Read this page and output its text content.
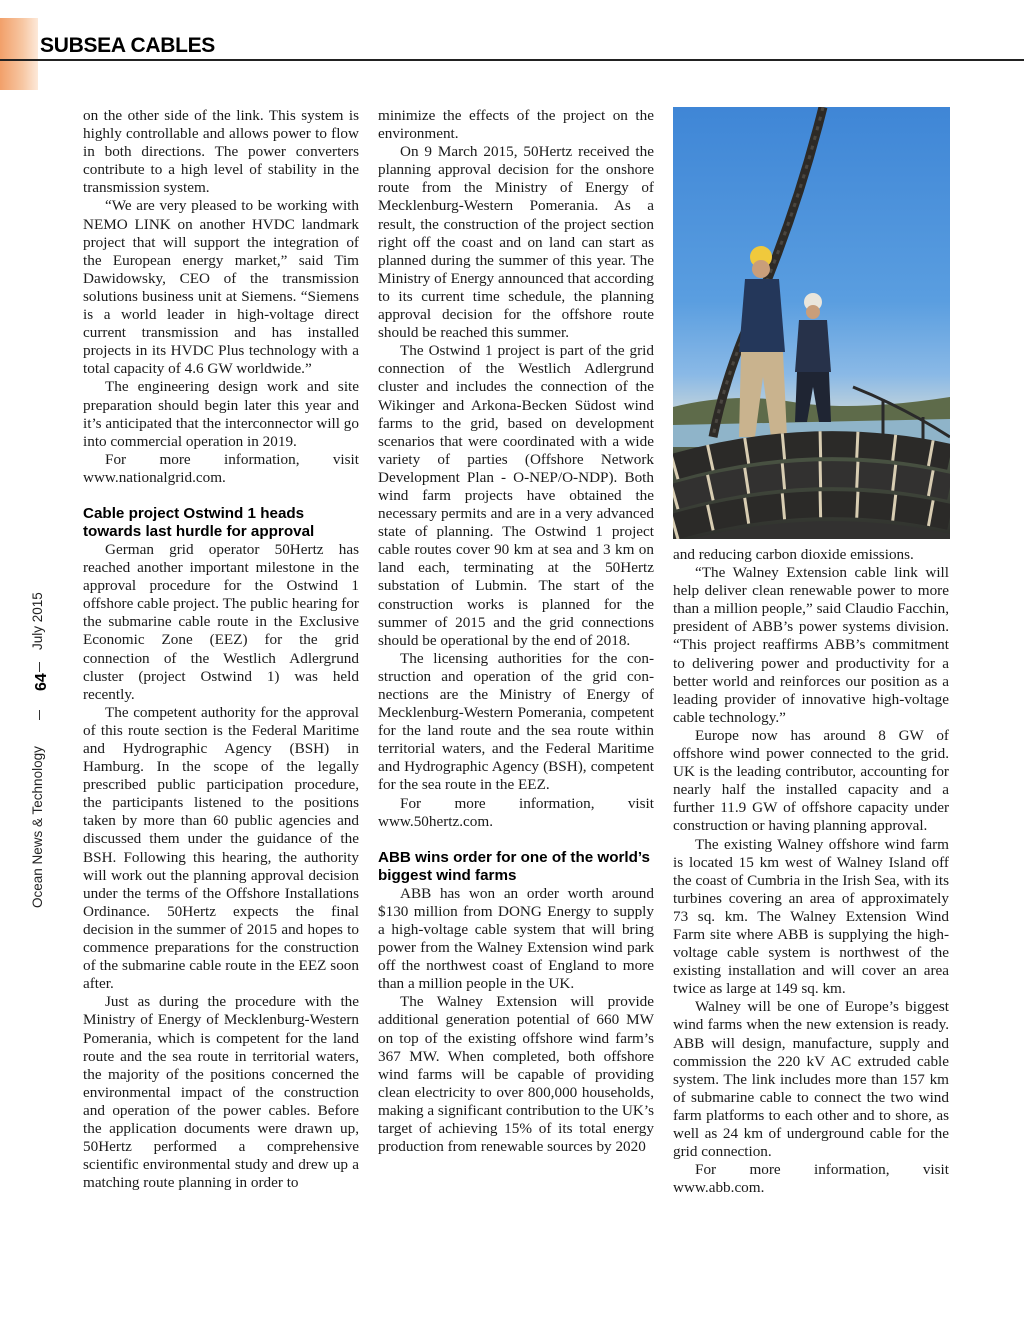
SUBSEA CABLES
Ocean News & Technology
July 2015
64

on the other side of the link. This system is highly controllable and allows power to flow in both directions. The power converters contribute to a high level of stability in the transmission system.

“We are very pleased to be working with NEMO LINK on another HVDC landmark project that will support the integration of the European energy market,” said Tim Dawidowsky, CEO of the transmission solutions business unit at Siemens. “Siemens is a world leader in high-voltage direct current transmission and has installed projects in its HVDC Plus technology with a total capacity of 4.6 GW worldwide.”

The engineering design work and site preparation should begin later this year and it’s anticipated that the interconnector will go into commercial operation in 2019.

For more information, visit

www.nationalgrid.com.

Cable project Ostwind 1 heads towards last hurdle for approval

German grid operator 50Hertz has reached another important milestone in the approval procedure for the Ostwind 1 offshore cable project. The public hearing for the submarine cable route in the Exclusive Economic Zone (EEZ) for the grid connection of the Westlich Adlergrund cluster (project Ostwind 1) was held recently.

The competent authority for the approval of this route section is the Federal Maritime and Hydrographic Agency (BSH) in Hamburg. In the scope of the legally prescribed public participation procedure, the participants listened to the positions taken by more than 60 public agencies and discussed them under the guidance of the BSH. Following this hearing, the authority will work out the planning approval decision under the terms of the Offshore Installations Ordinance. 50Hertz expects the final decision in the summer of 2015 and hopes to commence preparations for the construction of the submarine cable route in the EEZ soon after.

Just as during the procedure with the Ministry of Energy of Mecklenburg-Western Pomerania, which is competent for the land route and the sea route in territorial waters, the majority of the positions concerned the environmental impact of the construction and operation of the power cables. Before the application documents were drawn up, 50Hertz performed a comprehensive scientific environmental study and drew up a matching route planning in order to

minimize the effects of the project on the environment.

On 9 March 2015, 50Hertz received the planning approval decision for the onshore route from the Ministry of Energy of Mecklenburg-Western Pomerania. As a result, the construction of the project section right off the coast and on land can start as planned during the summer of this year. The Ministry of Energy announced that according to its current time schedule, the planning approval decision for the offshore route should be reached this summer.

The Ostwind 1 project is part of the grid connection of the Westlich Adlergrund cluster and includes the connection of the Wikinger and Arkona-Becken Südost wind farms to the grid, based on development scenarios that were coordinated with a wide variety of parties (Offshore Network Development Plan - O-NEP/O-NDP). Both wind farm projects have obtained the necessary permits and are in a very advanced state of planning. The Ostwind 1 project cable routes cover 90 km at sea and 3 km on land each, terminating at the 50Hertz substation of Lubmin. The start of the construction works is planned for the summer of 2015 and the grid connections should be operational by the end of 2018.

The licensing authorities for the construction and operation of the grid connections are the Ministry of Energy of Mecklenburg-Western Pomerania, competent for the land route and the sea route within territorial waters, and the Federal Maritime and Hydrographic Agency (BSH), competent for the sea route in the EEZ.

For more information, visit

www.50hertz.com.

ABB wins order for one of the world’s biggest wind farms

ABB has won an order worth around $130 million from DONG Energy to supply a high-voltage cable system that will bring power from the Walney Extension wind park off the northwest coast of England to more than a million people in the UK.

The Walney Extension will provide additional generation potential of 660 MW on top of the existing offshore wind farm’s 367 MW. When completed, both offshore wind farms will be capable of providing clean electricity to over 800,000 households, making a significant contribution to the UK’s target of achieving 15% of its total energy production from renewable sources by 2020

and reducing carbon dioxide emissions.

“The Walney Extension cable link will help deliver clean renewable power to more than a million people,” said Claudio Facchin, president of ABB’s power systems division. “This project reaffirms ABB’s commitment to delivering power and productivity for a better world and reinforces our position as a leading provider of innovative high-voltage cable technology.”

Europe now has around 8 GW of offshore wind power connected to the grid. UK is the leading contributor, accounting for nearly half the installed capacity and a further 11.9 GW of offshore capacity under construction or having planning approval.

The existing Walney offshore wind farm is located 15 km west of Walney Island off the coast of Cumbria in the Irish Sea, with its turbines covering an area of approximately 73 sq. km. The Walney Extension Wind Farm site where ABB is supplying the high-voltage cable system is northwest of the existing installation and will cover an area twice as large at 149 sq. km.

Walney will be one of Europe’s biggest wind farms when the new extension is ready. ABB will design, manufacture, supply and commission the 220 kV AC extruded cable system. The link includes more than 157 km of submarine cable to connect the two wind farm platforms to each other and to shore, as well as 24 km of underground cable for the grid connection.

For more information, visit

www.abb.com.
